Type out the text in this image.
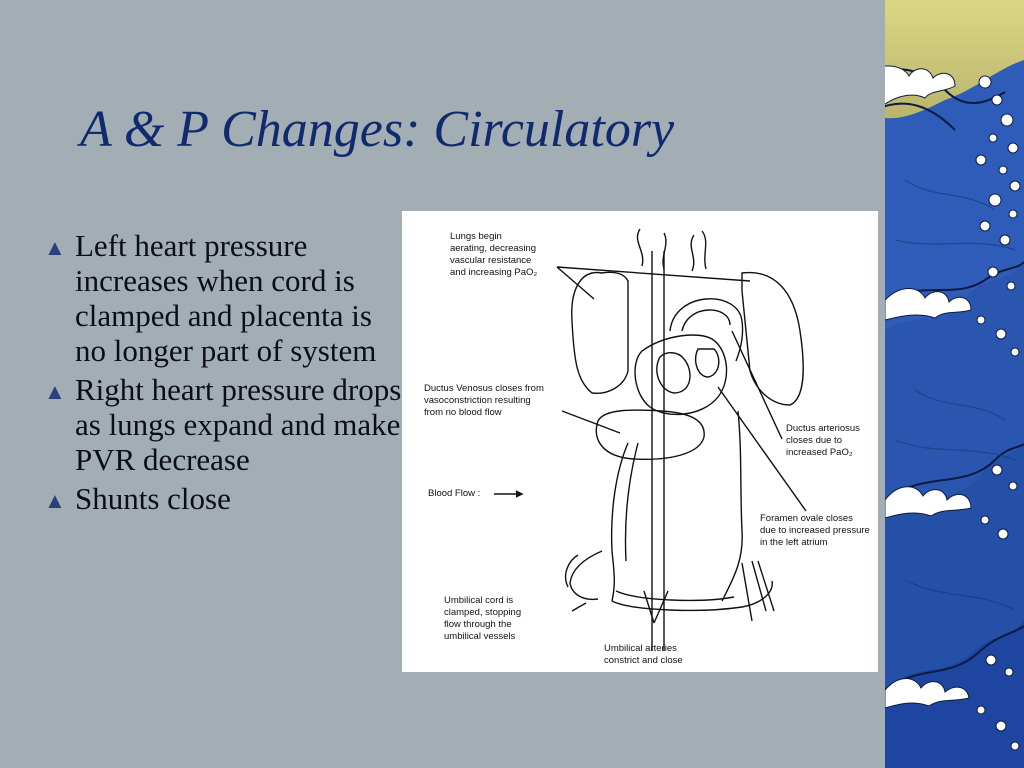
A & P Changes: Circulatory
▲ Left heart pressure increases when cord is clamped and placenta is no longer part of system
▲ Right heart pressure drops as lungs expand and make PVR decrease
▲ Shunts close
Lungs begin
aerating, decreasing
vascular resistance
and increasing PaO₂
Ductus Venosus closes from
vasoconstriction resulting
from no blood flow
Blood Flow :
Ductus arteriosus
closes due to
increased PaO₂
Foramen ovale closes
due to increased pressure
in the left atrium
Umbilical cord is
clamped, stopping
flow through the
umbilical vessels
Umbilical arteries
constrict and close
